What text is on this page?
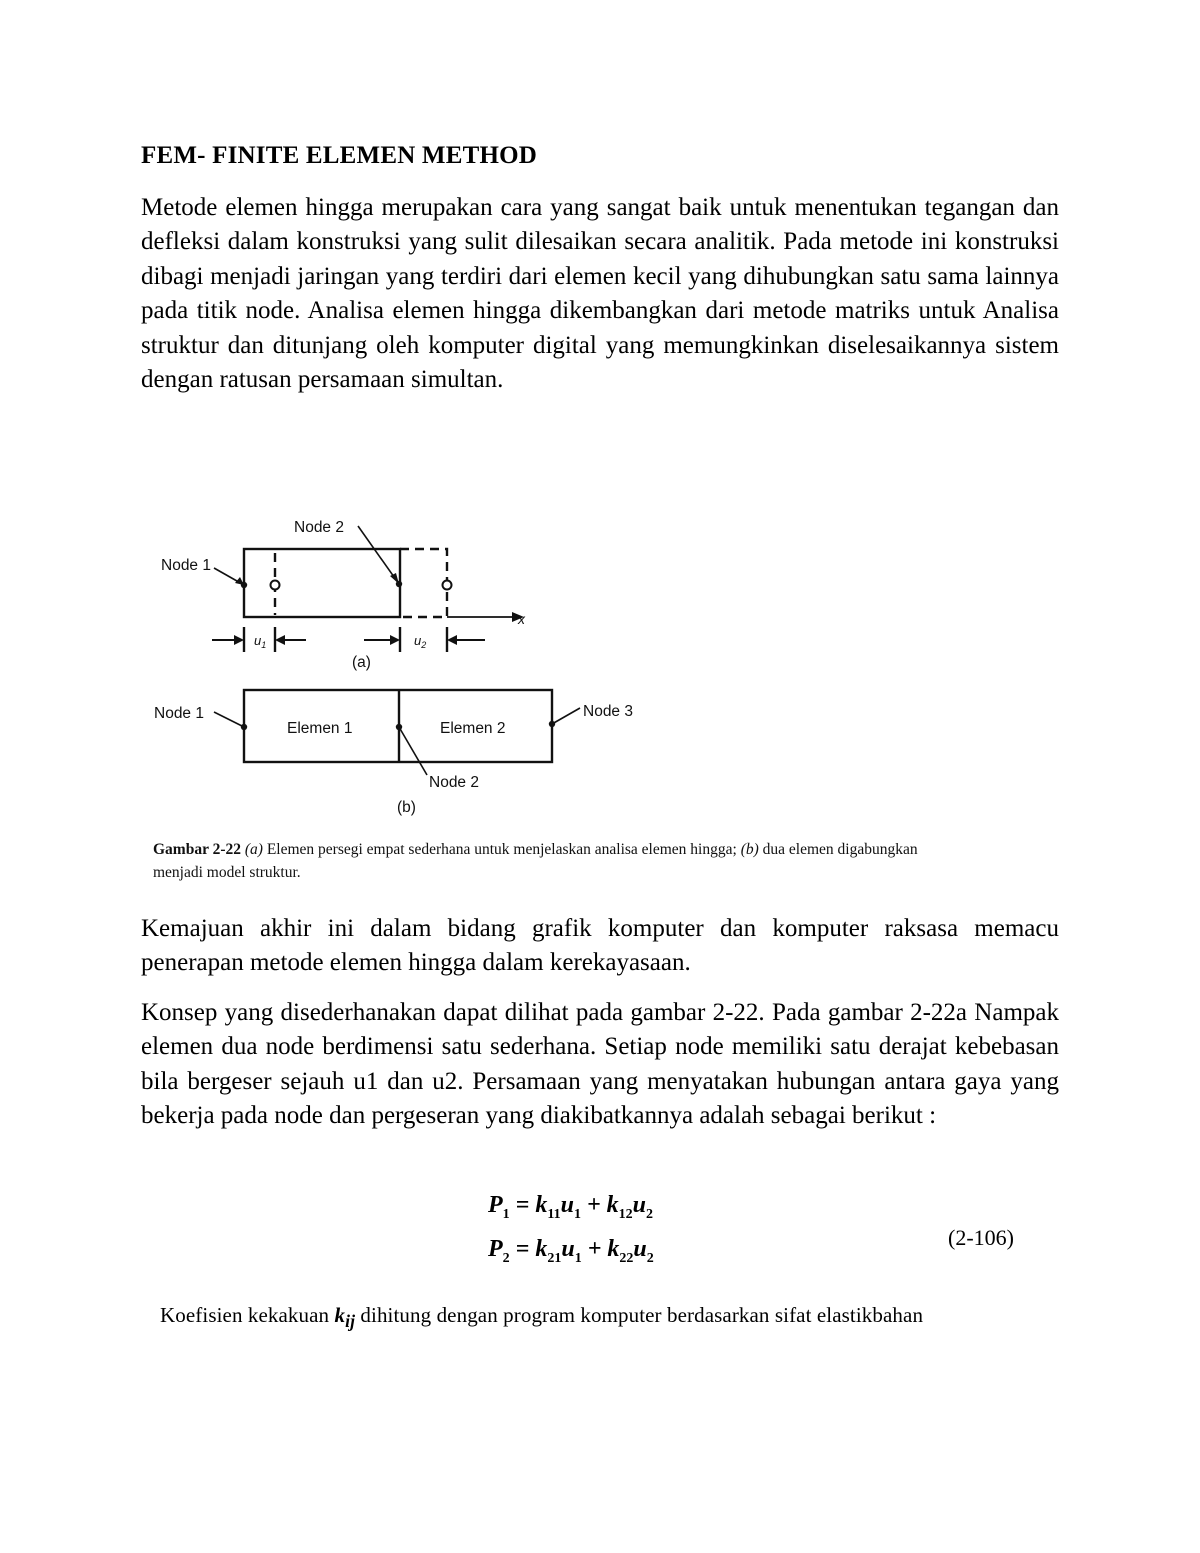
FEM- FINITE ELEMEN METHOD

Metode elemen hingga merupakan cara yang sangat baik untuk menentukan tegangan dan defleksi dalam konstruksi yang sulit dilesaikan secara analitik. Pada metode ini konstruksi dibagi menjadi jaringan yang terdiri dari elemen kecil yang dihubungkan satu sama lainnya pada titik node. Analisa elemen hingga dikembangkan dari metode matriks untuk Analisa struktur dan ditunjang oleh komputer digital yang memungkinkan diselesaikannya sistem dengan ratusan persamaan simultan.

Node 1
Node 2
x
$u_1$	$u_2$
(a)
Node 1	Node 3
Elemen 1	Elemen 2
Node 2
(b)
Gambar 2-22 (a) Elemen persegi empat sederhana untuk menjelaskan analisa elemen hingga; (b) dua elemen digabungkan menjadi model struktur.

Kemajuan akhir ini dalam bidang grafik komputer dan komputer raksasa memacu penerapan metode elemen hingga dalam kerekayasaan.

Konsep yang disederhanakan dapat dilihat pada gambar 2-22. Pada gambar 2-22a Nampak elemen dua node berdimensi satu sederhana. Setiap node memiliki satu derajat kebebasan bila bergeser sejauh u1 dan u2. Persamaan yang menyatakan hubungan antara gaya yang bekerja pada node dan pergeseran yang diakibatkannya adalah sebagai berikut :

$P_1 = k_{11}u_1 + k_{12}u_2$
$P_2 = k_{21}u_1 + k_{22}u_2$
(2-106)
Koefisien kekakuan $k_{ij}$ dihitung dengan program komputer berdasarkan sifat elastikbahan
